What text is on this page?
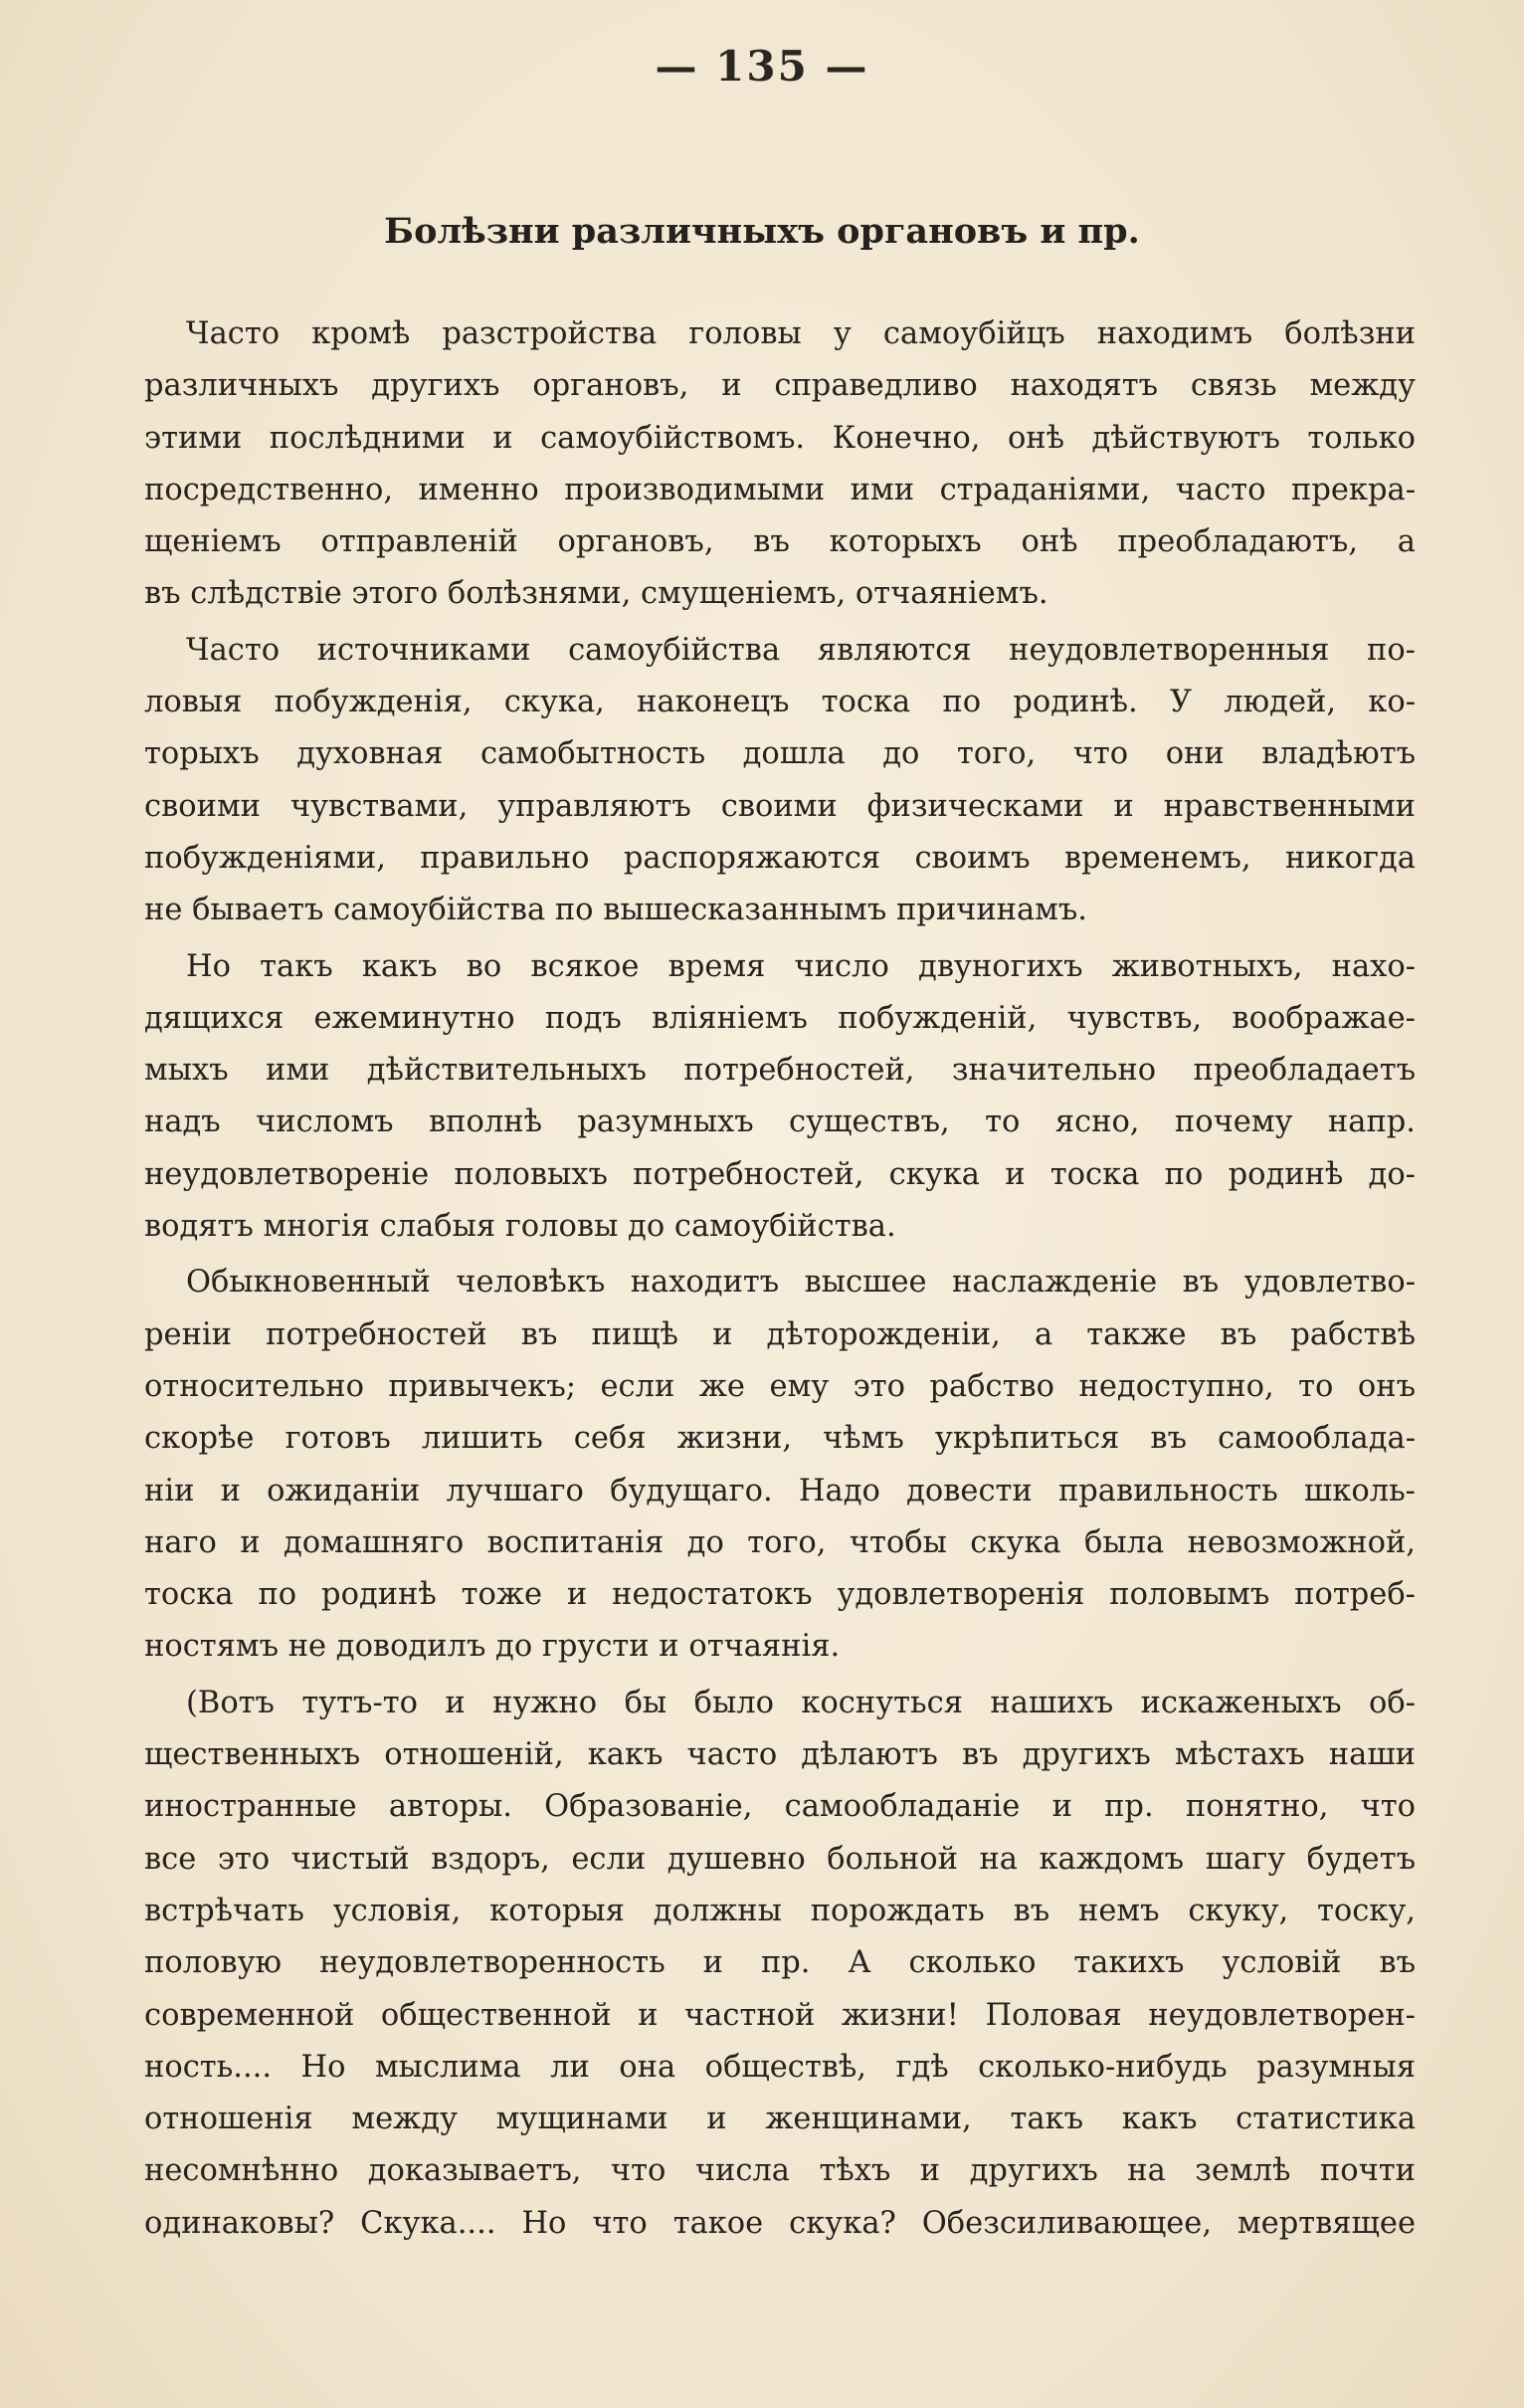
— 135 —
Болѣзни различныхъ органовъ и пр.
Часто кромѣ разстройства головы у самоубійцъ находимъ болѣзни
различныхъ другихъ органовъ, и справедливо находятъ связь между
этими послѣдними и самоубійствомъ. Конечно, онѣ дѣйствуютъ только
посредственно, именно производимыми ими страданіями, часто прекра-
щеніемъ отправленій органовъ, въ которыхъ онѣ преобладаютъ, а
въ слѣдствіе этого болѣзнями, смущеніемъ, отчаяніемъ.
Часто источниками самоубійства являются неудовлетворенныя по-
ловыя побужденія, скука, наконецъ тоска по родинѣ. У людей, ко-
торыхъ духовная самобытность дошла до того, что они владѣютъ
своими чувствами, управляютъ своими физическами и нравственными
побужденіями, правильно распоряжаются своимъ временемъ, никогда
не бываетъ самоубійства по вышесказаннымъ причинамъ.
Но такъ какъ во всякое время число двуногихъ животныхъ, нахо-
дящихся ежеминутно подъ вліяніемъ побужденій, чувствъ, воображае-
мыхъ ими дѣйствительныхъ потребностей, значительно преобладаетъ
надъ числомъ вполнѣ разумныхъ существъ, то ясно, почему напр.
неудовлетвореніе половыхъ потребностей, скука и тоска по родинѣ до-
водятъ многія слабыя головы до самоубійства.
Обыкновенный человѣкъ находитъ высшее наслажденіе въ удовлетво-
реніи потребностей въ пищѣ и дѣторожденіи, а также въ рабствѣ
относительно привычекъ; если же ему это рабство недоступно, то онъ
скорѣе готовъ лишить себя жизни, чѣмъ укрѣпиться въ самооблада-
ніи и ожиданіи лучшаго будущаго. Надо довести правильность школь-
наго и домашняго воспитанія до того, чтобы скука была невозможной,
тоска по родинѣ тоже и недостатокъ удовлетворенія половымъ потреб-
ностямъ не доводилъ до грусти и отчаянія.
(Вотъ тутъ-то и нужно бы было коснуться нашихъ искаженыхъ об-
щественныхъ отношеній, какъ часто дѣлаютъ въ другихъ мѣстахъ наши
иностранные авторы. Образованіе, самообладаніе и пр. понятно, что
все это чистый вздоръ, если душевно больной на каждомъ шагу будетъ
встрѣчать условія, которыя должны порождать въ немъ скуку, тоску,
половую неудовлетворенность и пр. А сколько такихъ условій въ
современной общественной и частной жизни! Половая неудовлетворен-
ность.... Но мыслима ли она обществѣ, гдѣ сколько-нибудь разумныя
отношенія между мущинами и женщинами, такъ какъ статистика
несомнѣнно доказываетъ, что числа тѣхъ и другихъ на землѣ почти
одинаковы? Скука.... Но что такое скука? Обезсиливающее, мертвящее
